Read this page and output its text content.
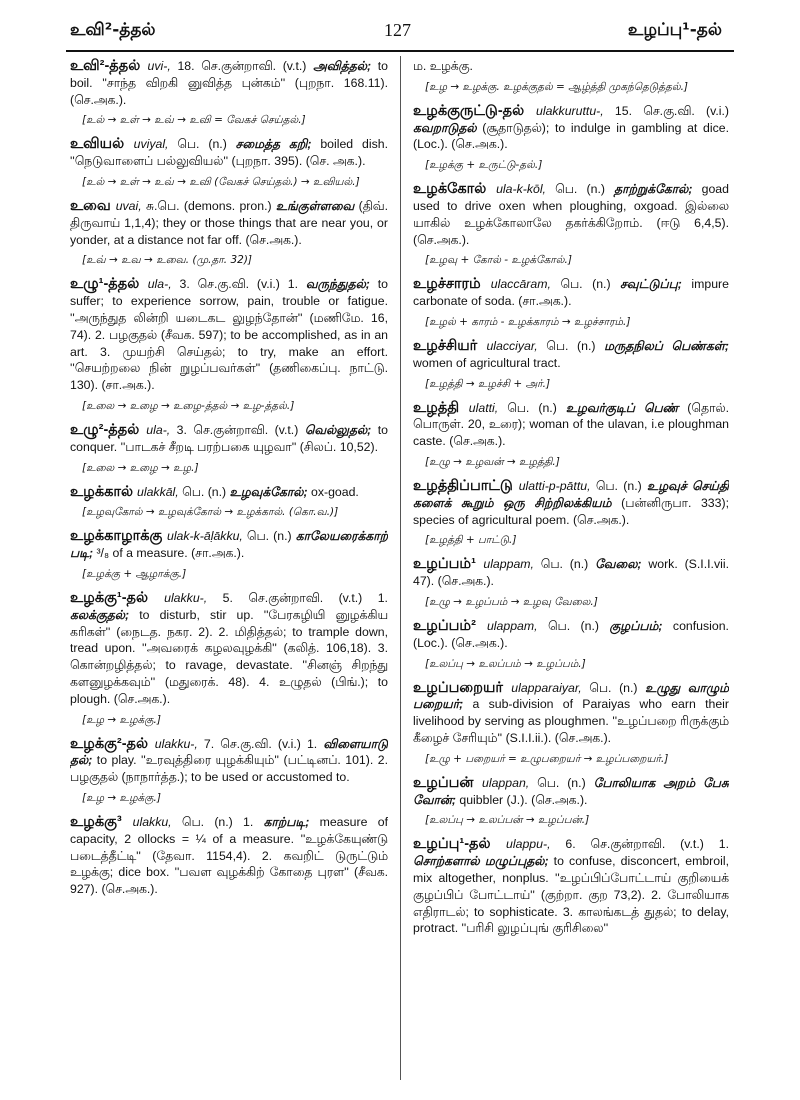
உவி²-த்தல்	127	உழப்பு¹-தல்
உவி²-த்தல் uvi-, 18. செ.குன்றாவி. (v.t.) அவித்தல்; to boil. ''சாந்த விறகி னுவித்த புன்கம்'' (புறநா. 168.11). (செ.அக.).
[உல் → உள் → உவ் → உவி = வேகச் செய்தல்.]
உவியல் uviyal, பெ. (n.) சமைத்த கறி; boiled dish. ''நெடுவாளைப் பல்லுவியல்'' (புறநா. 395). (செ. அக.).
[உல் → உள் → உவ் → உவி (வேகச் செய்தல்.) → உவியல்.]
உவை uvai, சு.பெ. (demons. pron.) உங்குள்ளவை (திவ். திருவாய் 1,1,4); they or those things that are near you, or yonder, at a distance not far off. (செ.அக.).
[உவ் → உவ → உவை. (மு.தா. 32)]
உழு¹-த்தல் ula-, 3. செ.கு.வி. (v.i.) 1. வருந்துதல்; to suffer; to experience sorrow, pain, trouble or fatigue. ''அருந்துத லின்றி யடைகட லுழந்தோன்'' (மணிமே. 16, 74). 2. பழகுதல் (சீவக. 597); to be accomplished, as in an art. 3. முயற்சி செய்தல்; to try, make an effort. ''செயற்றலை நின் றுழப்பவர்கள்'' (தணிகைப்பு. நாட்டு. 130). (சா.அக.).
[உலை → உழை → உழை-த்தல் → உழ-த்தல்.]
உழு²-த்தல் ula-, 3. செ.குன்றாவி. (v.t.) வெல்லுதல்; to conquer. ''பாடகச் சீறடி பரற்பகை யுழவா'' (சிலப். 10,52).
[உலை → உழை → உழ.]
உழக்கால் ulakkāl, பெ. (n.) உழவுக்கோல்; ox-goad.
[உழவுகோல் → உழவுக்கோல் → உழக்கால். (கொ.வ.)]
உழக்காழாக்கு ulak-k-āḷākku, பெ. (n.) காலேயரைக்காற் படி; ³/₈ of a measure. (சா.அக.).
[உழக்கு + ஆழாக்கு.]
உழக்கு¹-தல் ulakku-, 5. செ.குன்றாவி. (v.t.) 1. கலக்குதல்; to disturb, stir up. ''பேரகழியி னுழக்கிய கரிகள்'' (நைடத. நகர. 2). 2. மிதித்தல்; to trample down, tread upon. ''அவரைக் கழலவுழக்கி'' (கலித். 106,18). 3. கொன்றழித்தல்; to ravage, devastate. ''சினஞ் சிறந்து களனுழக்கவும்'' (மதுரைக். 48). 4. உழுதல் (பிங்.); to plough. (செ.அக.).
[உழ → உழக்கு.]
உழக்கு²-தல் ulakku-, 7. செ.கு.வி. (v.i.) 1. விளையாடு தல்; to play. ''உரவுத்திரை யுழக்கியும்'' (பட்டினப். 101). 2. பழகுதல் (நாநார்த்த.); to be used or accustomed to.
[உழ → உழக்கு.]
உழக்கு³ ulakku, பெ. (n.) 1. காற்படி; measure of capacity, 2 ollocks = ¼ of a measure. ''உழக்கேயுண்டு படைத்தீட்டி'' (தேவா. 1154,4). 2. கவறிட் டுருட்டும் உழக்கு; dice box. ''பவள வுழக்கிற் கோதை புரள'' (சீவக. 927). (செ.அக.).
ம. உழக்கு.
[உழ → உழக்கு. உழக்குதல் = ஆழ்த்தி முகந்தெடுத்தல்.]
உழக்குருட்டு-தல் ulakkuruttu-, 15. செ.கு.வி. (v.i.) கவறாடுதல் (சூதாடுதல்); to indulge in gambling at dice. (Loc.). (செ.அக.).
[உழக்கு + உருட்டு-தல்.]
உழக்கோல் ula-k-kōl, பெ. (n.) தாற்றுக்கோல்; goad used to drive oxen when ploughing, oxgoad. இல்லை யாகில் உழக்கோலாலே தகர்க்கிறோம். (ஈடு 6,4,5). (செ.அக.).
[உழவு + கோல் - உழக்கோல்.]
உழச்சாரம் ulaccāram, பெ. (n.) சவுட்டுப்பு; impure carbonate of soda. (சா.அக.).
[உழல் + காரம் - உழக்காரம் → உழச்சாரம்.]
உழச்சியர் ulacciyar, பெ. (n.) மருதநிலப் பெண்கள்; women of agricultural tract.
[உழத்தி → உழச்சி + அர்.]
உழத்தி ulatti, பெ. (n.) உழவர்குடிப் பெண் (தொல். பொருள். 20, உரை); woman of the ulavan, i.e ploughman caste. (செ.அக.).
[உழு → உழவன் → உழத்தி.]
உழத்திப்பாட்டு ulatti-p-pāttu, பெ. (n.) உழவுச் செய்தி களைக் கூறும் ஒரு சிற்றிலக்கியம் (பன்னிருபா. 333); species of agricultural poem. (செ.அக.).
[உழத்தி + பாட்டு.]
உழப்பம்¹ ulappam, பெ. (n.) வேலை; work. (S.I.I.vii. 47). (செ.அக.).
[உழு → உழப்பம் → உழவு வேலை.]
உழப்பம்² ulappam, பெ. (n.) குழப்பம்; confusion. (Loc.). (செ.அக.).
[உலப்பு → உலப்பம் → உழப்பம்.]
உழப்பறையர் ulapparaiyar, பெ. (n.) உழுது வாழும் பறையர்; a sub-division of Paraiyas who earn their livelihood by serving as ploughmen. ''உழப்பறை ரிருக்கும் கீழைச் சேரியும்'' (S.I.I.ii.). (செ.அக.).
[உழு + பறையர் = உழுபறையர் → உழப்பறையர்.]
உழப்பன் ulappan, பெ. (n.) போலியாக அறம் பேசு வோன்; quibbler (J.). (செ.அக.).
[உலப்பு → உலப்பன் → உழப்பன்.]
உழப்பு¹-தல் ulappu-, 6. செ.குன்றாவி. (v.t.) 1. சொற்களால் மழுப்புதல்; to confuse, disconcert, embroil, mix altogether, nonplus. ''உழப்பிப்போட்டாய் குறியைக் குழப்பிப் போட்டாய்'' (குற்றா. குற 73,2). 2. போலியாக எதிராடல்; to sophisticate. 3. காலங்கடத் துதல்; to delay, protract. ''பரிசி லுழப்புங் குரிசிலை''
